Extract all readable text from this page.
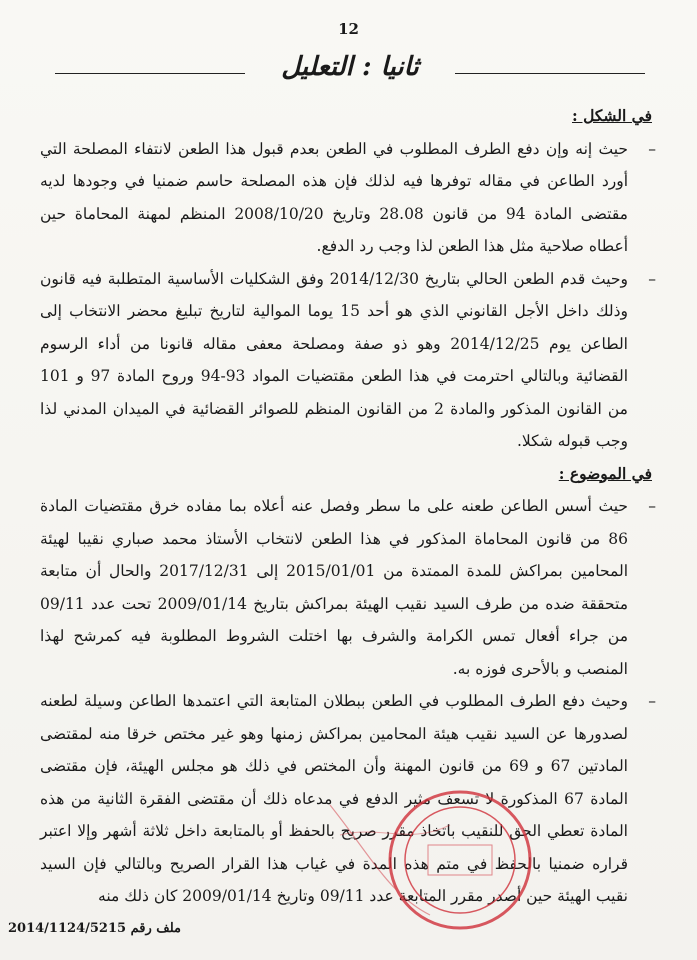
12
ثانيا : التعليل
في الشكل :
–

حيث إنه وإن دفع الطرف المطلوب في الطعن بعدم قبول هذا الطعن لانتفاء المصلحة التي أورد الطاعن في مقاله توفرها فيه لذلك فإن هذه المصلحة حاسم ضمنيا في وجودها لديه مقتضى المادة 94 من قانون 28.08 وتاريخ 2008/10/20 المنظم لمهنة المحاماة حين أعطاه صلاحية مثل هذا الطعن لذا وجب رد الدفع.

–

وحيث قدم الطعن الحالي بتاريخ 2014/12/30 وفق الشكليات الأساسية المتطلبة فيه قانون وذلك داخل الأجل القانوني الذي هو أحد 15 يوما الموالية لتاريخ تبليغ محضر الانتخاب إلى الطاعن يوم 2014/12/25 وهو ذو صفة ومصلحة معفى مقاله قانونا من أداء الرسوم القضائية وبالتالي احترمت في هذا الطعن مقتضيات المواد 93-94 وروح المادة 97 و 101 من القانون المذكور والمادة 2 من القانون المنظم للصوائر القضائية في الميدان المدني لذا وجب قبوله شكلا.

في الموضوع :
–

حيث أسس الطاعن طعنه على ما سطر وفصل عنه أعلاه بما مفاده خرق مقتضيات المادة 86 من قانون المحاماة المذكور في هذا الطعن لانتخاب الأستاذ محمد صباري نقيبا لهيئة المحامين بمراكش للمدة الممتدة من 2015/01/01 إلى 2017/12/31 والحال أن متابعة متحققة ضده من طرف السيد نقيب الهيئة بمراكش بتاريخ 2009/01/14 تحت عدد 09/11 من جراء أفعال تمس الكرامة والشرف بها اختلت الشروط المطلوبة فيه كمرشح لهذا المنصب و بالأحرى فوزه به.

–

وحيث دفع الطرف المطلوب في الطعن ببطلان المتابعة التي اعتمدها الطاعن وسيلة لطعنه لصدورها عن السيد نقيب هيئة المحامين بمراكش زمنها وهو غير مختص خرقا منه لمقتضى المادتين 67 و 69 من قانون المهنة وأن المختص في ذلك هو مجلس الهيئة، فإن مقتضى المادة 67 المذكورة لا تسعف مثير الدفع في مدعاه ذلك أن مقتضى الفقرة الثانية من هذه المادة تعطي الحق للنقيب باتخاذ مقرر صريح بالحفظ أو بالمتابعة داخل ثلاثة أشهر وإلا اعتبر قراره ضمنيا بالحفظ في متم هذه المدة في غياب هذا القرار الصريح وبالتالي فإن السيد نقيب الهيئة حين أصدر مقرر المتابعة عدد 09/11 وتاريخ 2009/01/14 كان ذلك منه

ملف رقم 2014/1124/5215
